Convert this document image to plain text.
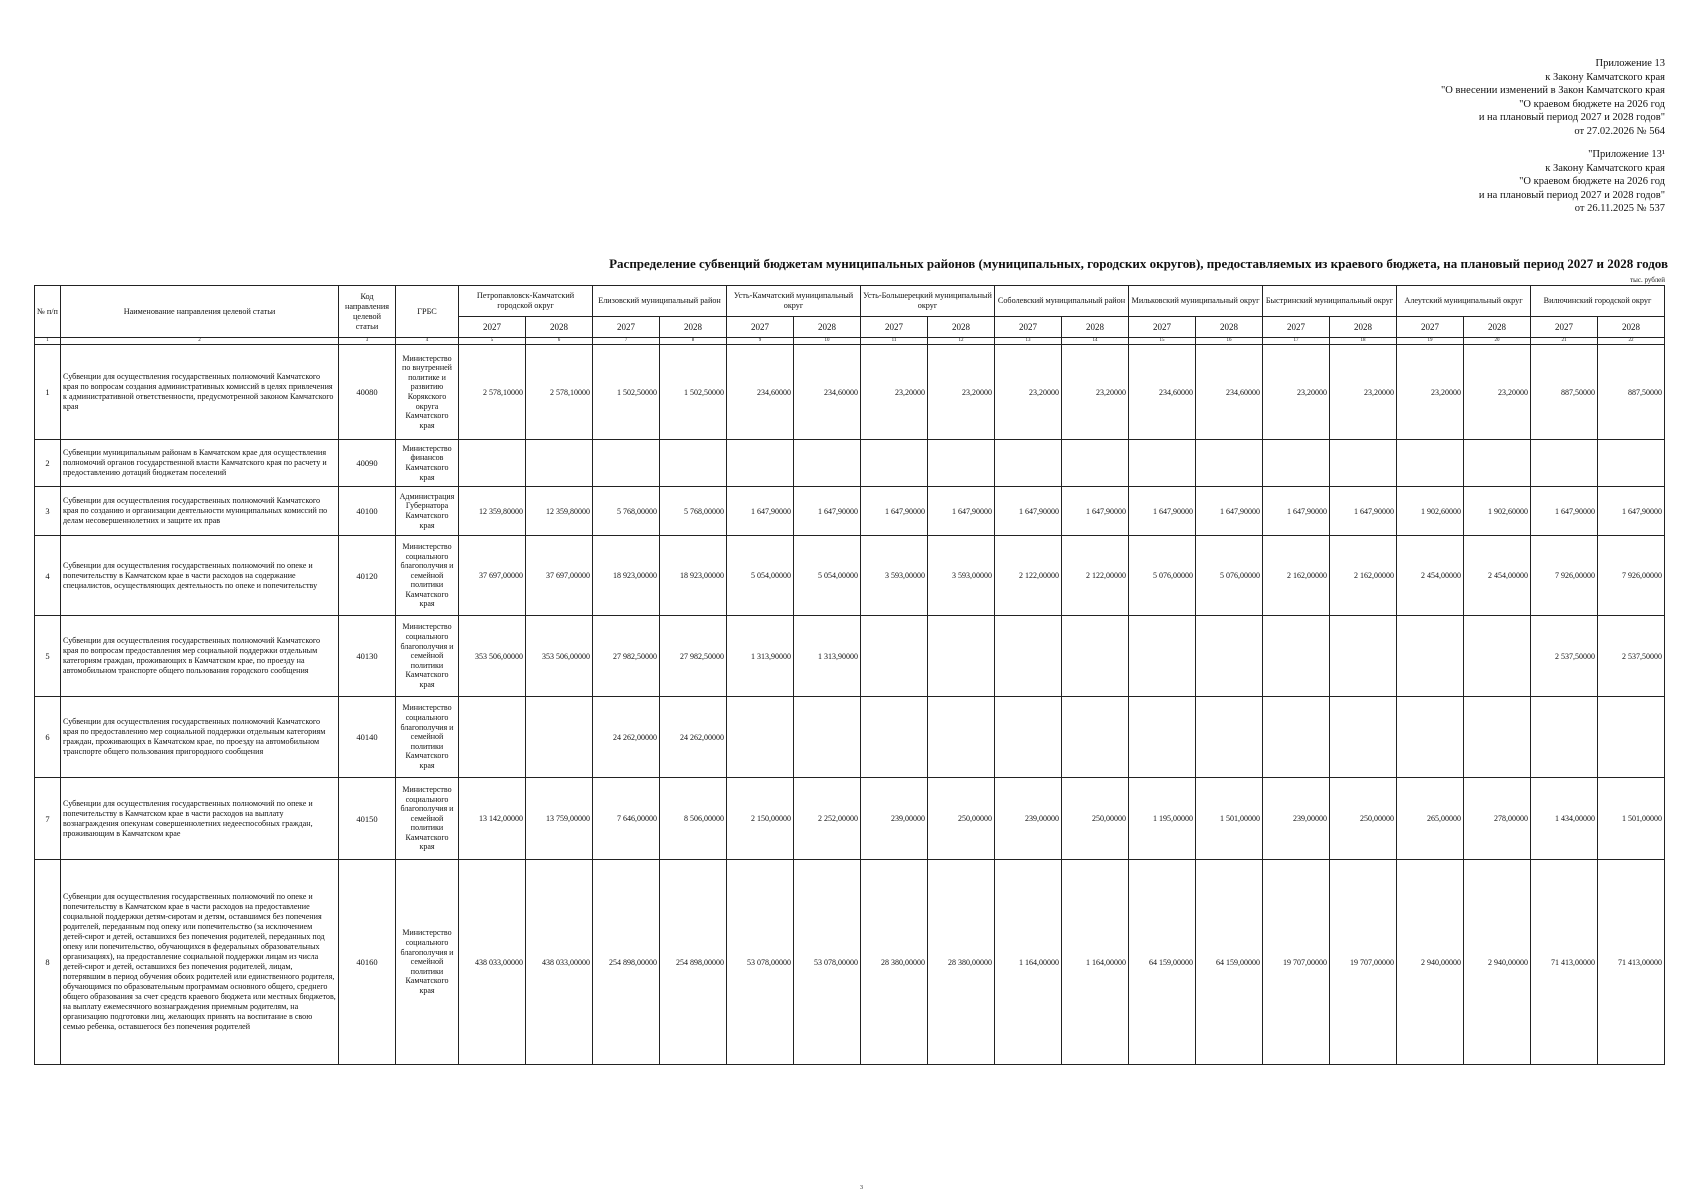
Приложение 13
к Закону Камчатского края
"О внесении изменений в Закон Камчатского края
"О краевом бюджете на 2026 год
и на плановый период 2027 и 2028 годов"
от 27.02.2026 № 564
"Приложение 13¹
к Закону Камчатского края
"О краевом бюджете на 2026 год
и на плановый период 2027 и 2028 годов"
от 26.11.2025 № 537
Распределение субвенций бюджетам муниципальных районов (муниципальных, городских округов), предоставляемых из краевого бюджета, на плановый период 2027 и 2028 годов
тыс. рублей
№ п/п	Наименование направления целевой статьи	Код направления целевой статьи	ГРБС	Петропавловск-Камчатский городской округ		Елизовский муниципальный район		Усть-Камчатский муниципальный округ		Усть-Большерецкий муниципальный округ		Соболевский муниципальный район		Мильковский муниципальный округ		Быстринский муниципальный округ		Алеутский муниципальный округ		Вилючинский городской округ	
				2027	2028	2027	2028	2027	2028	2027	2028	2027	2028	2027	2028	2027	2028	2027	2028	2027	2028
1	2	3	4	5	6	7	8	9	10	11	12	13	14	15	16	17	18	19	20	21	22
1	Субвенции для осуществления государственных полномочий Камчатского края по вопросам создания административных комиссий в целях привлечения к административной ответственности, предусмотренной законом Камчатского края	40080	Министерство по внутренней политике и развитию Корякского округа Камчатского края	2 578,10000	2 578,10000	1 502,50000	1 502,50000	234,60000	234,60000	23,20000	23,20000	23,20000	23,20000	234,60000	234,60000	23,20000	23,20000	23,20000	23,20000	887,50000	887,50000
2	Субвенции муниципальным районам в Камчатском крае для осуществления полномочий органов государственной власти Камчатского края по расчету и предоставлению дотаций бюджетам поселений	40090	Министерство финансов Камчатского края																		
3	Субвенции для осуществления государственных полномочий Камчатского края по созданию и организации деятельности муниципальных комиссий по делам несовершеннолетних и защите их прав	40100	Администрация Губернатора Камчатского края	12 359,80000	12 359,80000	5 768,00000	5 768,00000	1 647,90000	1 647,90000	1 647,90000	1 647,90000	1 647,90000	1 647,90000	1 647,90000	1 647,90000	1 647,90000	1 647,90000	1 902,60000	1 902,60000	1 647,90000	1 647,90000
4	Субвенции для осуществления государственных полномочий по опеке и попечительству в Камчатском крае в части расходов на содержание специалистов, осуществляющих деятельность по опеке и попечительству	40120	Министерство социального благополучия и семейной политики Камчатского края	37 697,00000	37 697,00000	18 923,00000	18 923,00000	5 054,00000	5 054,00000	3 593,00000	3 593,00000	2 122,00000	2 122,00000	5 076,00000	5 076,00000	2 162,00000	2 162,00000	2 454,00000	2 454,00000	7 926,00000	7 926,00000
5	Субвенции для осуществления государственных полномочий Камчатского края по вопросам предоставления мер социальной поддержки отдельным категориям граждан, проживающих в Камчатском крае, по проезду на автомобильном транспорте общего пользования городского сообщения	40130	Министерство социального благополучия и семейной политики Камчатского края	353 506,00000	353 506,00000	27 982,50000	27 982,50000	1 313,90000	1 313,90000											2 537,50000	2 537,50000
6	Субвенции для осуществления государственных полномочий Камчатского края по предоставлению мер социальной поддержки отдельным категориям граждан, проживающих в Камчатском крае, по проезду на автомобильном транспорте общего пользования пригородного сообщения	40140	Министерство социального благополучия и семейной политики Камчатского края			24 262,00000	24 262,00000														
7	Субвенции для осуществления государственных полномочий по опеке и попечительству в Камчатском крае в части расходов на выплату вознаграждения опекунам совершеннолетних недееспособных граждан, проживающим в Камчатском крае	40150	Министерство социального благополучия и семейной политики Камчатского края	13 142,00000	13 759,00000	7 646,00000	8 506,00000	2 150,00000	2 252,00000	239,00000	250,00000	239,00000	250,00000	1 195,00000	1 501,00000	239,00000	250,00000	265,00000	278,00000	1 434,00000	1 501,00000
8	Субвенции для осуществления государственных полномочий по опеке и попечительству в Камчатском крае в части расходов на предоставление социальной поддержки детям-сиротам и детям, оставшимся без попечения родителей, переданным под опеку или попечительство (за исключением детей-сирот и детей, оставшихся без попечения родителей, переданных под опеку или попечительство, обучающихся в федеральных образовательных организациях), на предоставление социальной поддержки лицам из числа детей-сирот и детей, оставшихся без попечения родителей, лицам, потерявшим в период обучения обоих родителей или единственного родителя, обучающимся по образовательным программам основного общего, среднего общего образования за счет средств краевого бюджета или местных бюджетов, на выплату ежемесячного вознаграждения приемным родителям, на организацию подготовки лиц, желающих принять на воспитание в свою семью ребенка, оставшегося без попечения родителей	40160	Министерство социального благополучия и семейной политики Камчатского края	438 033,00000	438 033,00000	254 898,00000	254 898,00000	53 078,00000	53 078,00000	28 380,00000	28 380,00000	1 164,00000	1 164,00000	64 159,00000	64 159,00000	19 707,00000	19 707,00000	2 940,00000	2 940,00000	71 413,00000	71 413,00000
3
